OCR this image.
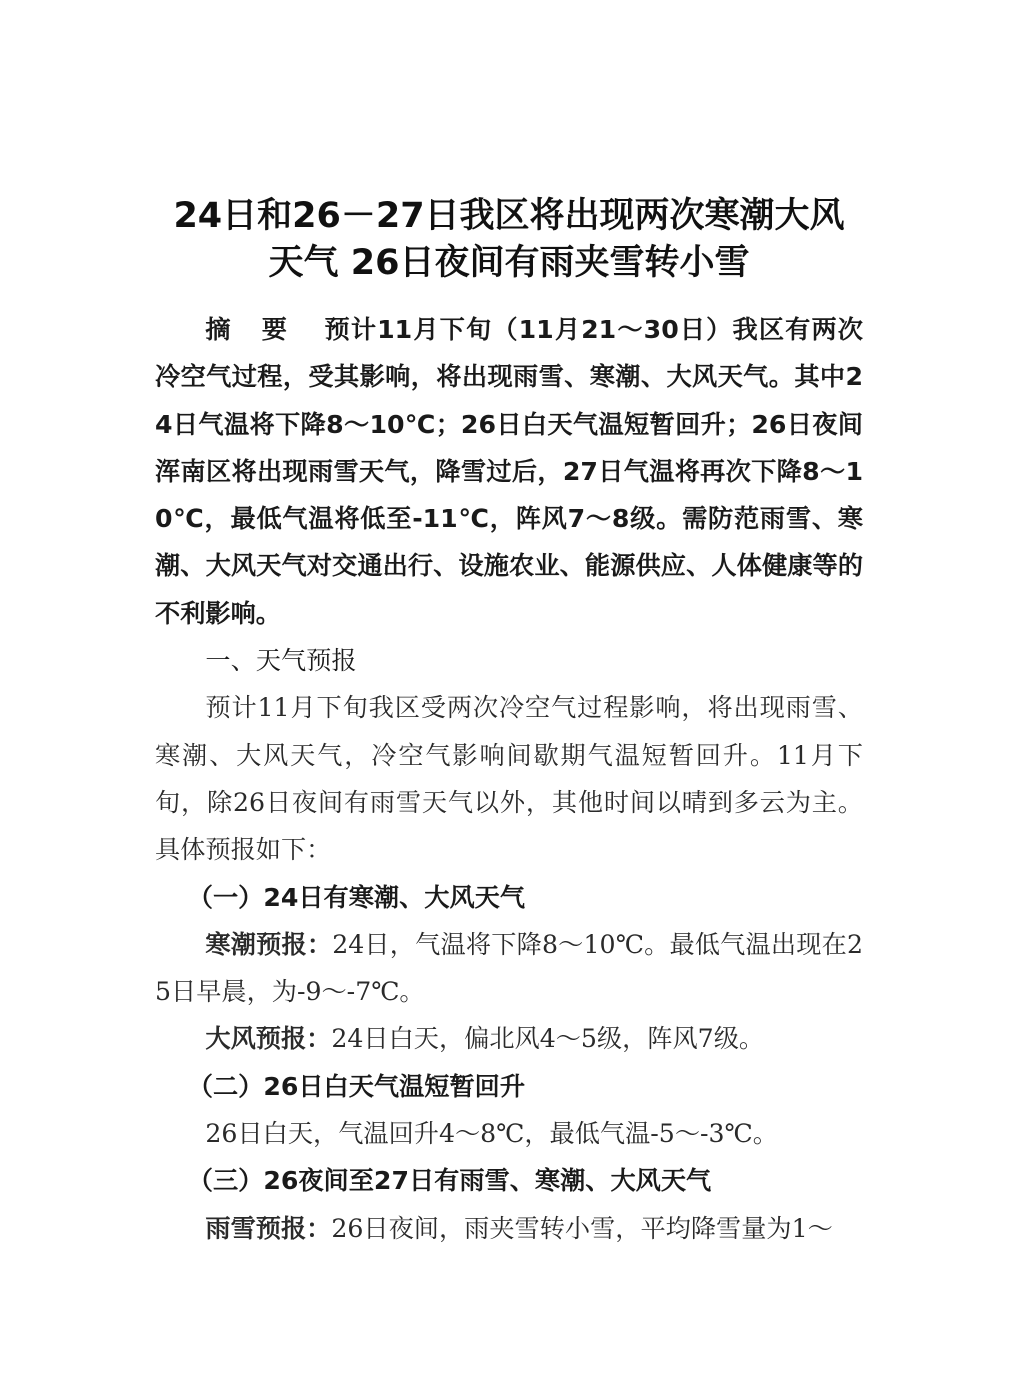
24日和26－27日我区将出现两次寒潮大风
天气 26日夜间有雨夹雪转小雪

摘 要  预计11月下旬（11月21～30日）我区有两次冷空气过程，受其影响，将出现雨雪、寒潮、大风天气。其中24日气温将下降8～10℃；26日白天气温短暂回升；26日夜间浑南区将出现雨雪天气，降雪过后，27日气温将再次下降8～10℃，最低气温将低至-11℃，阵风7～8级。需防范雨雪、寒潮、大风天气对交通出行、设施农业、能源供应、人体健康等的不利影响。

一、天气预报

预计11月下旬我区受两次冷空气过程影响，将出现雨雪、寒潮、大风天气，冷空气影响间歇期气温短暂回升。11月下旬，除26日夜间有雨雪天气以外，其他时间以晴到多云为主。具体预报如下：

（一）24日有寒潮、大风天气

寒潮预报：24日，气温将下降8～10℃。最低气温出现在25日早晨，为-9～-7℃。

大风预报：24日白天，偏北风4～5级，阵风7级。

（二）26日白天气温短暂回升

26日白天，气温回升4～8℃，最低气温-5～-3℃。

（三）26夜间至27日有雨雪、寒潮、大风天气

雨雪预报：26日夜间，雨夹雪转小雪，平均降雪量为1～
